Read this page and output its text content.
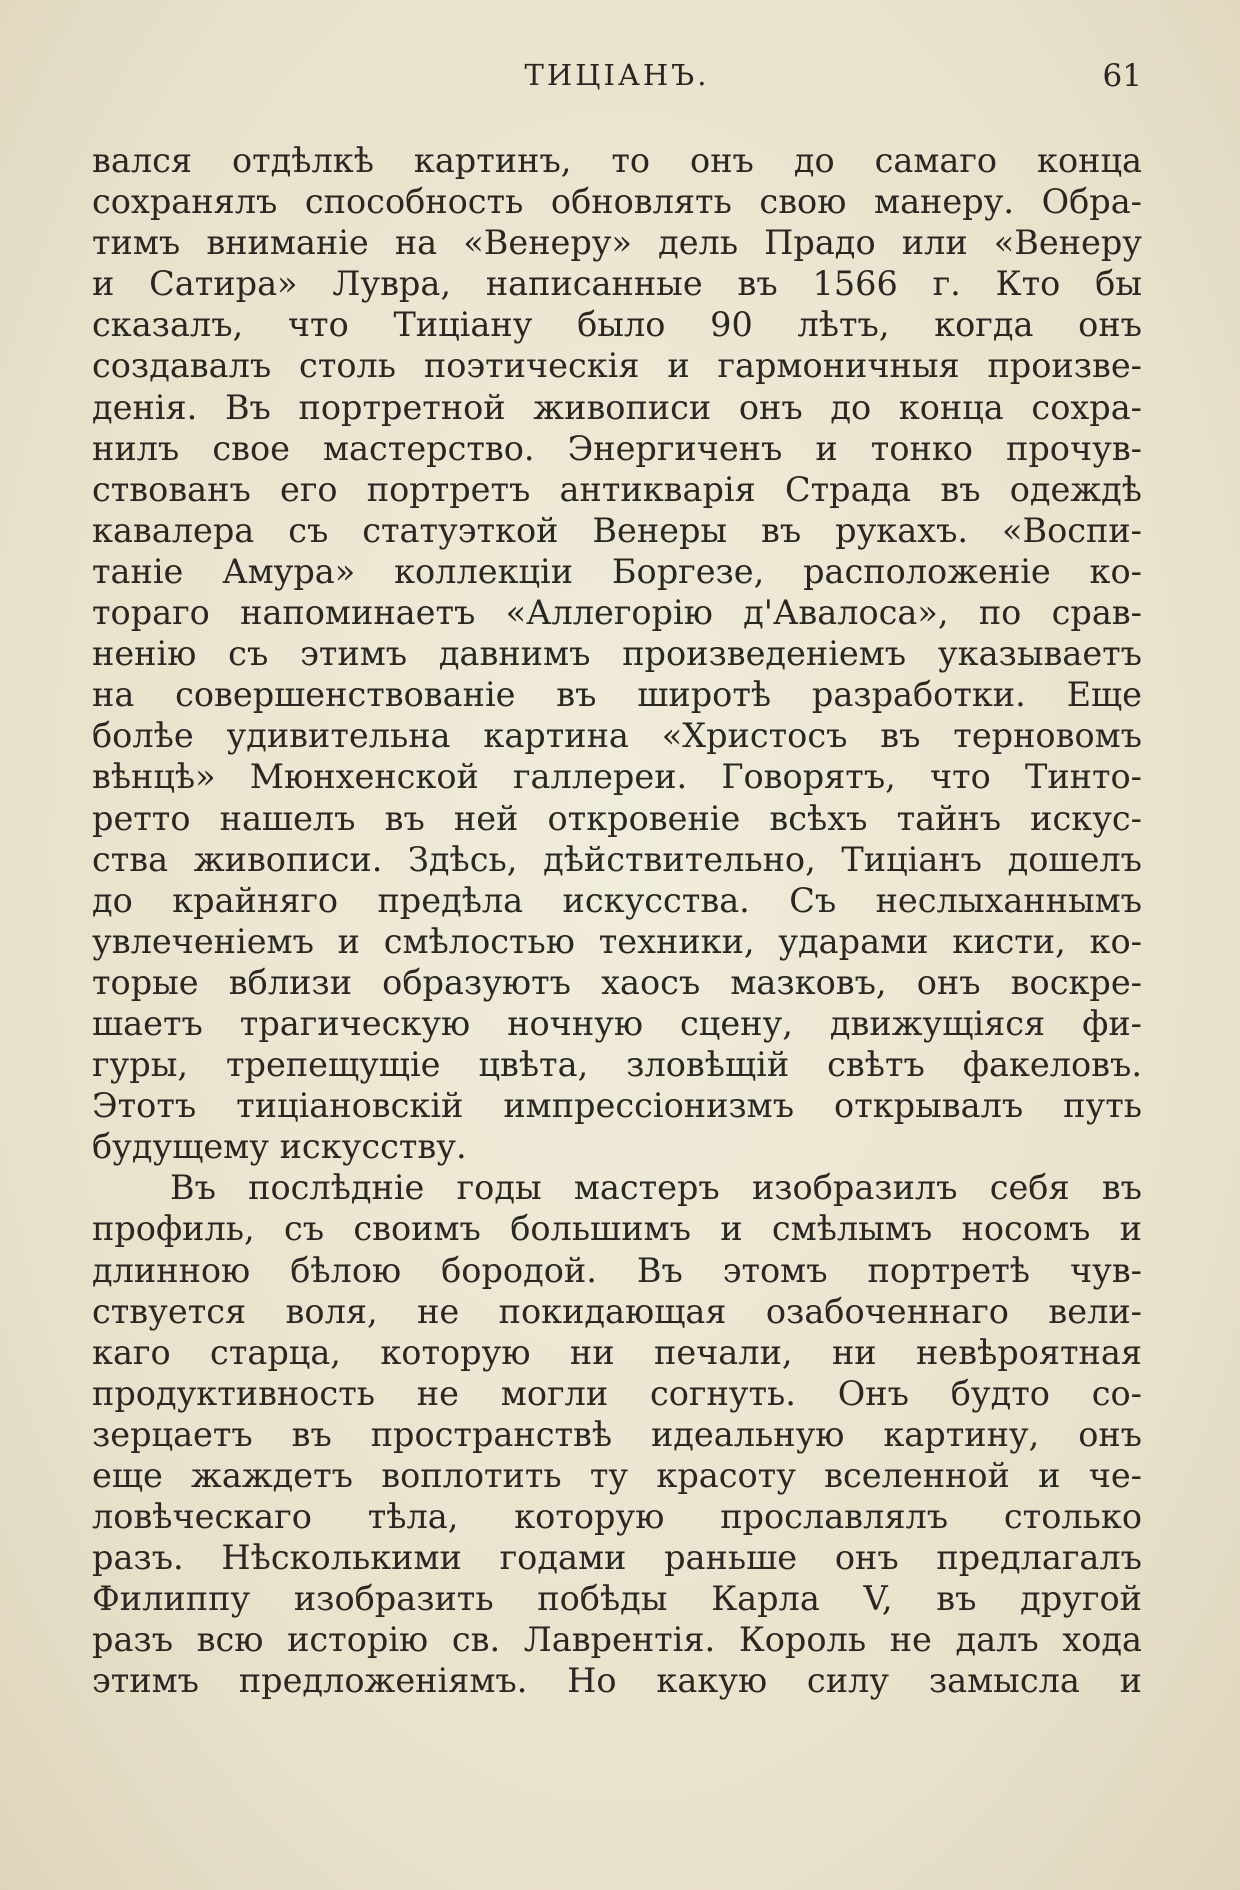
ТИЦІАНЪ.	61
вался отдѣлкѣ картинъ, то онъ до самаго конца
сохранялъ способность обновлять свою манеру. Обра-
тимъ вниманіе на «Венеру» дель Прадо или «Венеру
и Сатира» Лувра, написанные въ 1566 г. Кто бы
сказалъ, что Тиціану было 90 лѣтъ, когда онъ
создавалъ столь поэтическія и гармоничныя произве-
денія. Въ портретной живописи онъ до конца сохра-
нилъ свое мастерство. Энергиченъ и тонко прочув-
ствованъ его портретъ антикварія Страда въ одеждѣ
кавалера съ статуэткой Венеры въ рукахъ. «Воспи-
таніе Амура» коллекціи Боргезе, расположеніе ко-
тораго напоминаетъ «Аллегорію д'Авалоса», по срав-
ненію съ этимъ давнимъ произведеніемъ указываетъ
на совершенствованіе въ широтѣ разработки. Еще
болѣе удивительна картина «Христосъ въ терновомъ
вѣнцѣ» Мюнхенской галлереи. Говорятъ, что Тинто-
ретто нашелъ въ ней откровеніе всѣхъ тайнъ искус-
ства живописи. Здѣсь, дѣйствительно, Тиціанъ дошелъ
до крайняго предѣла искусства. Съ неслыханнымъ
увлеченіемъ и смѣлостью техники, ударами кисти, ко-
торые вблизи образуютъ хаосъ мазковъ, онъ воскре-
шаетъ трагическую ночную сцену, движущіяся фи-
гуры, трепещущіе цвѣта, зловѣщій свѣтъ факеловъ.
Этотъ тиціановскій импрессіонизмъ открывалъ путь
будущему искусству.
Въ послѣдніе годы мастеръ изобразилъ себя въ
профиль, съ своимъ большимъ и смѣлымъ носомъ и
длинною бѣлою бородой. Въ этомъ портретѣ чув-
ствуется воля, не покидающая озабоченнаго вели-
каго старца, которую ни печали, ни невѣроятная
продуктивность не могли согнуть. Онъ будто со-
зерцаетъ въ пространствѣ идеальную картину, онъ
еще жаждетъ воплотить ту красоту вселенной и че-
ловѣческаго тѣла, которую прославлялъ столько
разъ. Нѣсколькими годами раньше онъ предлагалъ
Филиппу изобразить побѣды Карла V, въ другой
разъ всю исторію св. Лаврентія. Король не далъ хода
этимъ предложеніямъ. Но какую силу замысла и
